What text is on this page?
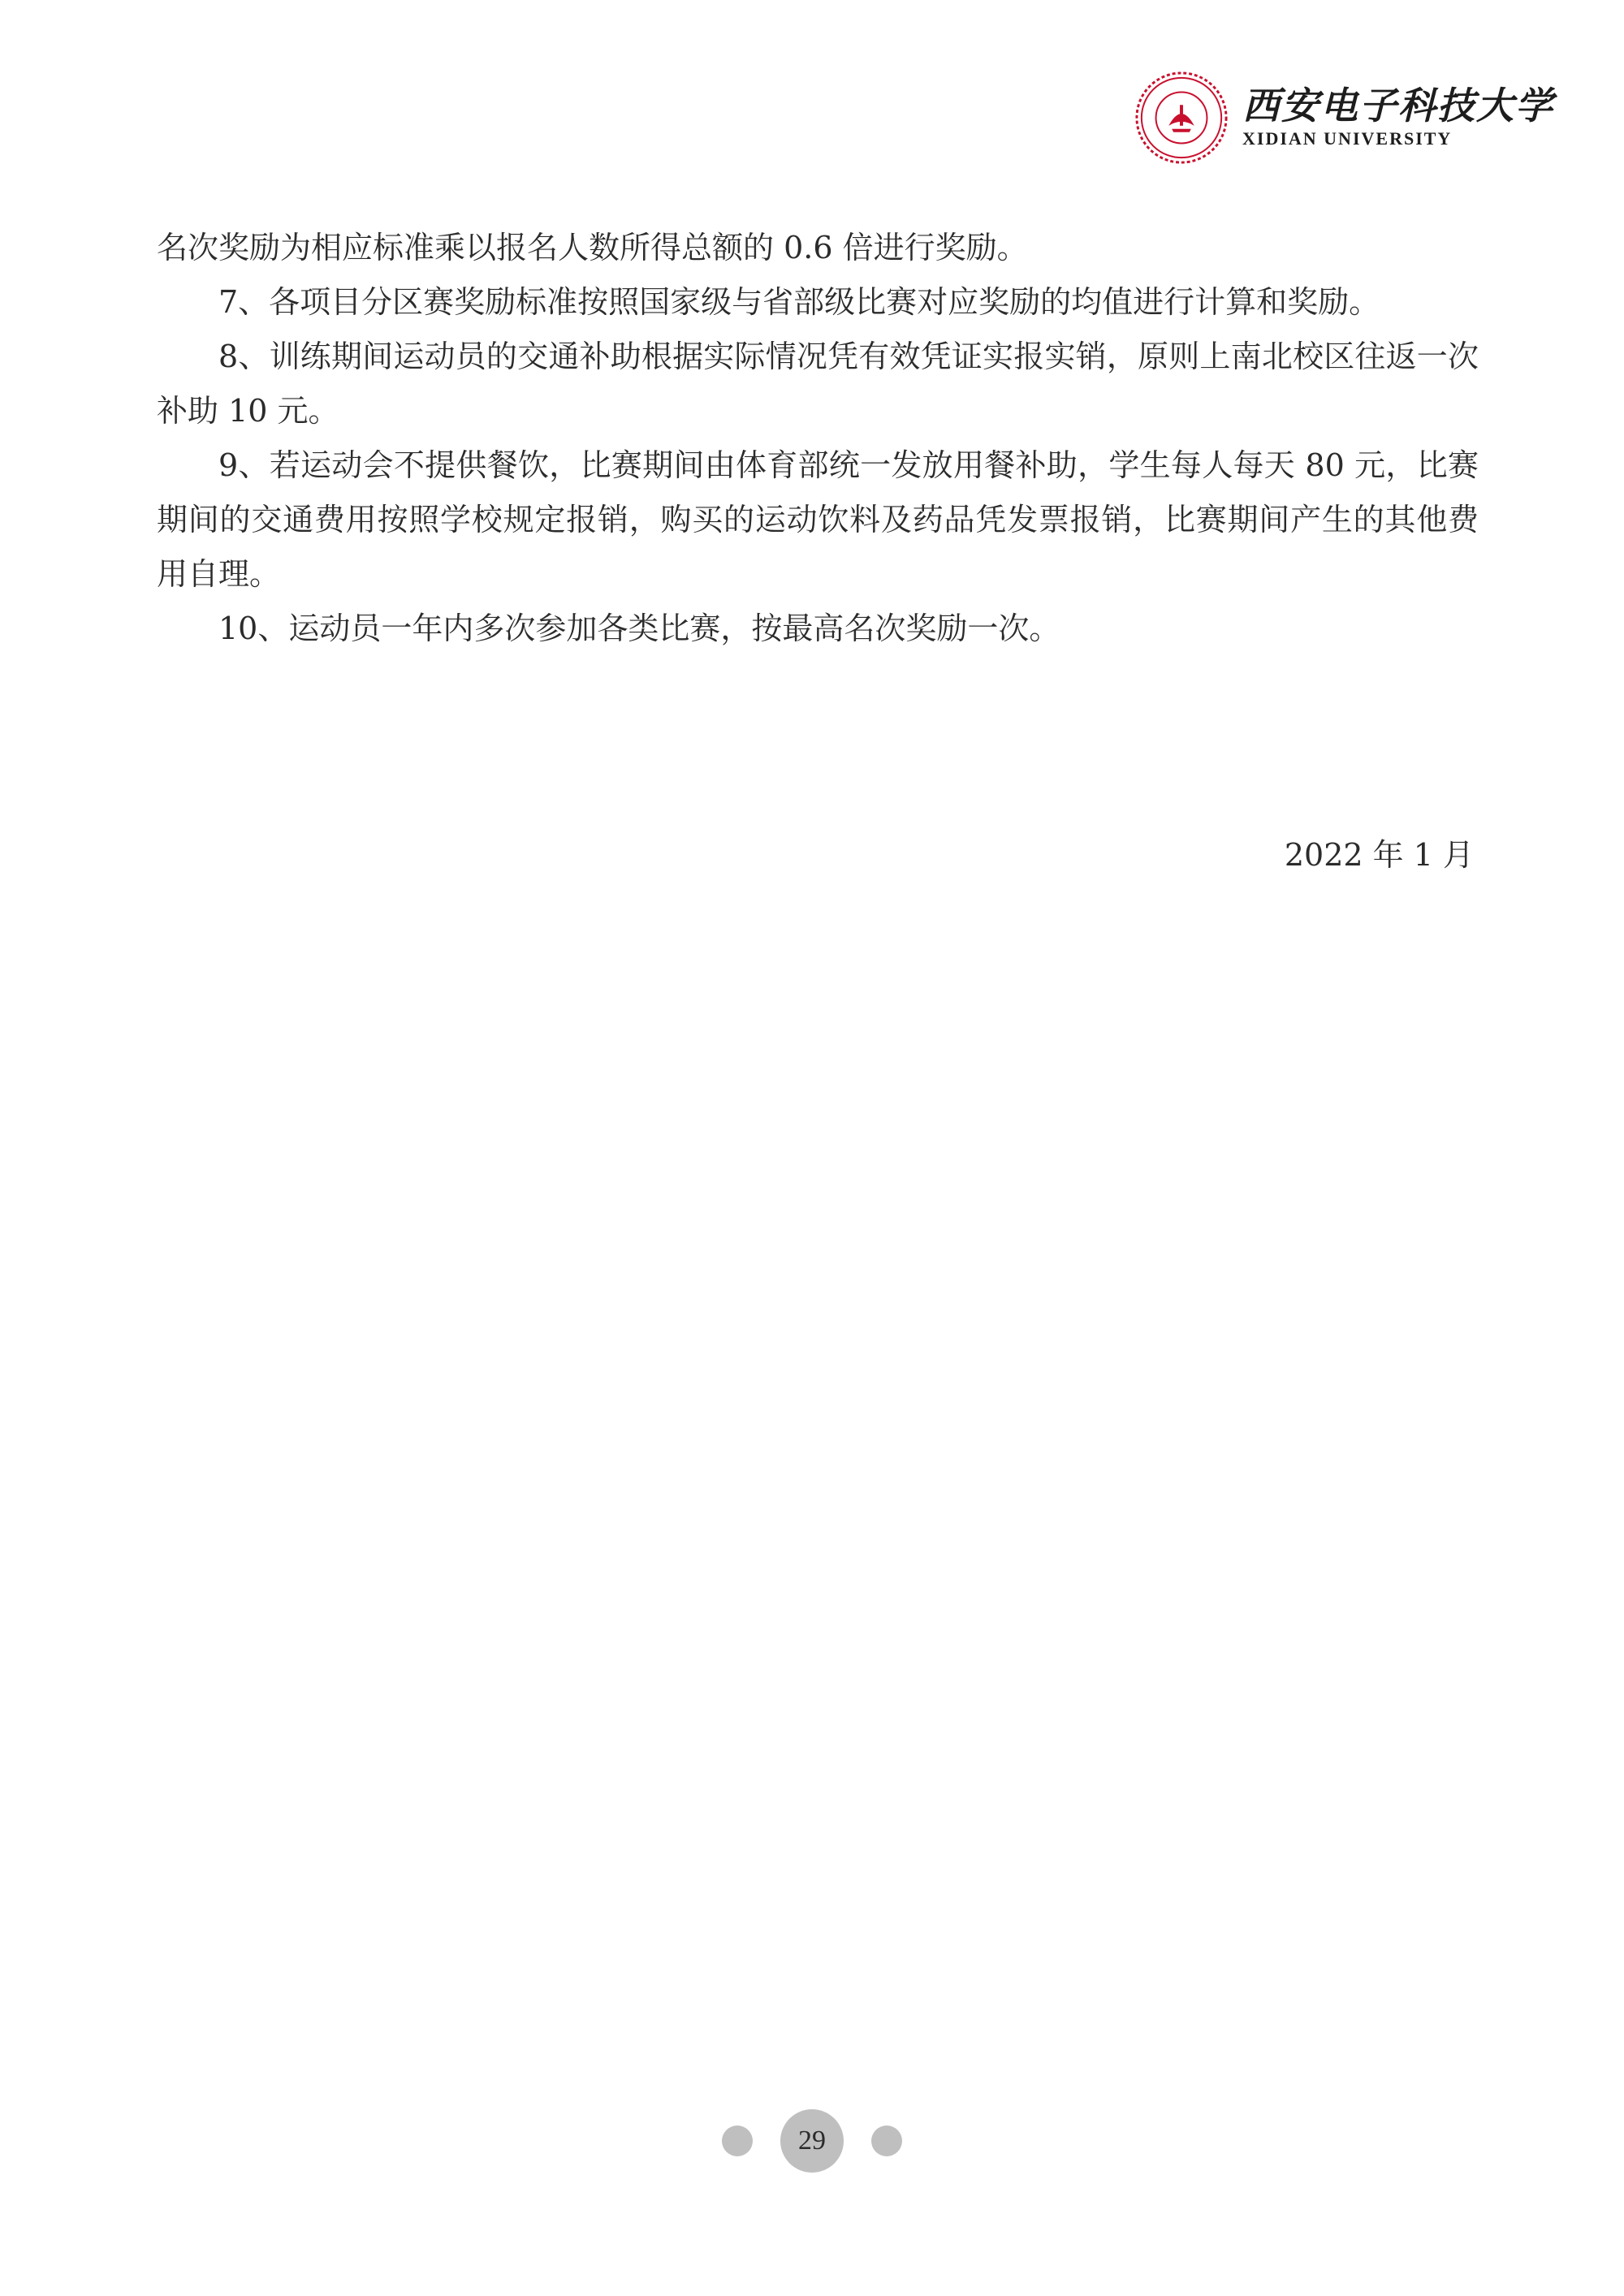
西安电子科技大学
XIDIAN UNIVERSITY

名次奖励为相应标准乘以报名人数所得总额的 0.6 倍进行奖励。

7、各项目分区赛奖励标准按照国家级与省部级比赛对应奖励的均值进行计算和奖励。

8、训练期间运动员的交通补助根据实际情况凭有效凭证实报实销，原则上南北校区往返一次补助 10 元。

9、若运动会不提供餐饮，比赛期间由体育部统一发放用餐补助，学生每人每天 80 元，比赛期间的交通费用按照学校规定报销，购买的运动饮料及药品凭发票报销，比赛期间产生的其他费用自理。

10、运动员一年内多次参加各类比赛，按最高名次奖励一次。

2022 年 1 月
29
